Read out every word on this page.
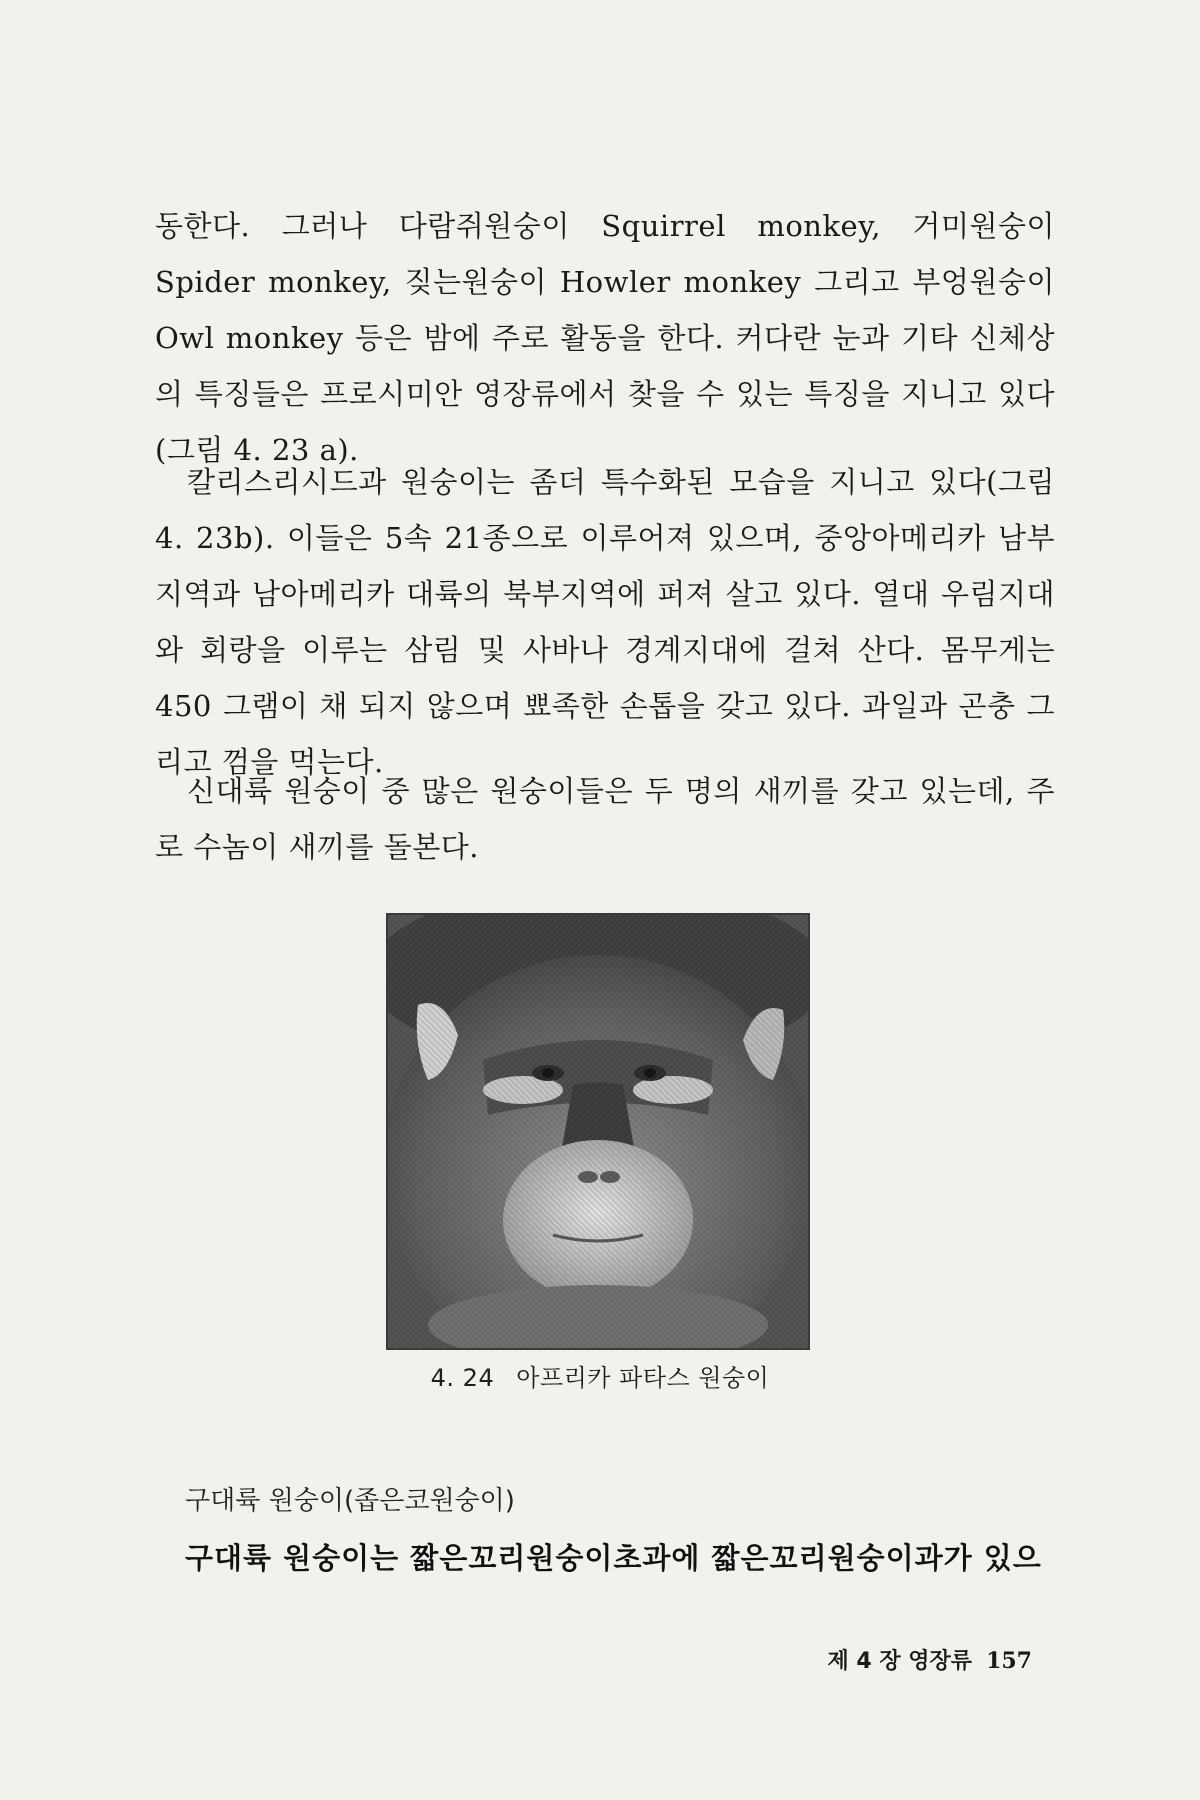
동한다. 그러나 다람쥐원숭이 Squirrel monkey, 거미원숭이 Spider monkey, 짖는원숭이 Howler monkey 그리고 부엉원숭이 Owl monkey 등은 밤에 주로 활동을 한다. 커다란 눈과 기타 신체상의 특징들은 프로시미안 영장류에서 찾을 수 있는 특징을 지니고 있다(그림 4. 23 a).

칼리스리시드과 원숭이는 좀더 특수화된 모습을 지니고 있다(그림 4. 23b). 이들은 5속 21종으로 이루어져 있으며, 중앙아메리카 남부지역과 남아메리카 대륙의 북부지역에 퍼져 살고 있다. 열대 우림지대와 회랑을 이루는 삼림 및 사바나 경계지대에 걸쳐 산다. 몸무게는 450 그램이 채 되지 않으며 뾰족한 손톱을 갖고 있다. 과일과 곤충 그리고 껌을 먹는다.

신대륙 원숭이 중 많은 원숭이들은 두 명의 새끼를 갖고 있는데, 주로 수놈이 새끼를 돌본다.

4. 24 아프리카 파타스 원숭이
구대륙 원숭이(좁은코원숭이)
구대륙 원숭이는 짧은꼬리원숭이초과에 짧은꼬리원숭이과가 있으
제 4 장 영장류 157
